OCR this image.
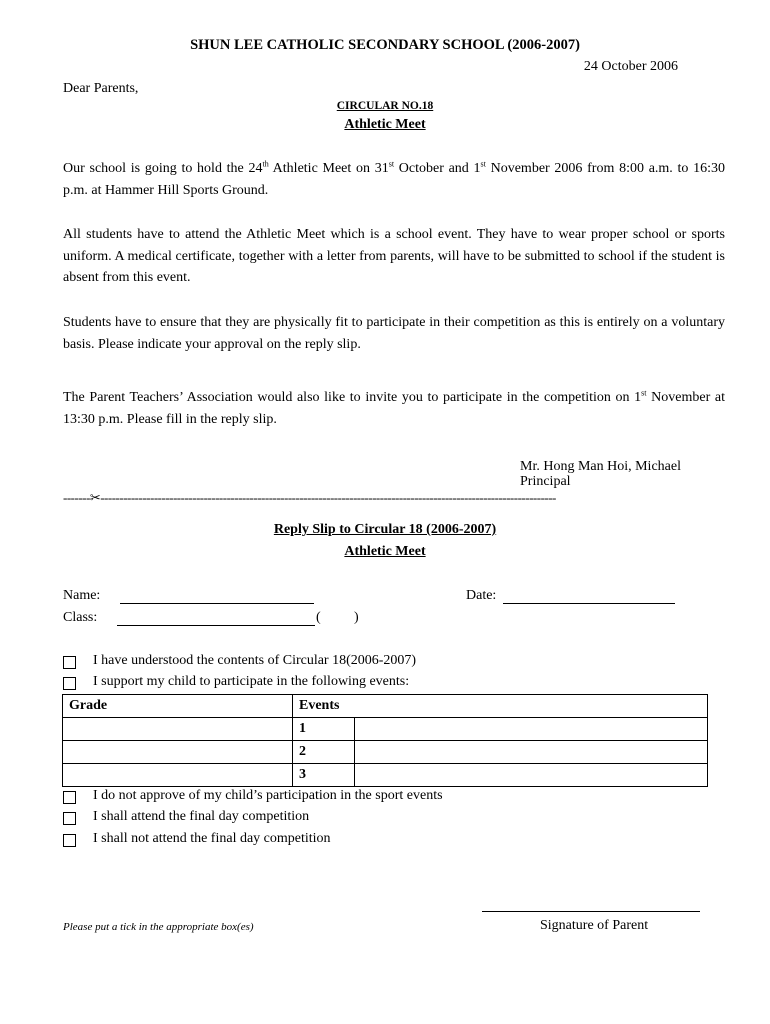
SHUN LEE CATHOLIC SECONDARY SCHOOL (2006-2007)
24 October 2006
Dear Parents,
CIRCULAR NO.18
Athletic Meet
Our school is going to hold the 24th Athletic Meet on 31st October and 1st November 2006 from 8:00 a.m. to 16:30 p.m. at Hammer Hill Sports Ground.
All students have to attend the Athletic Meet which is a school event. They have to wear proper school or sports uniform. A medical certificate, together with a letter from parents, will have to be submitted to school if the student is absent from this event.
Students have to ensure that they are physically fit to participate in their competition as this is entirely on a voluntary basis. Please indicate your approval on the reply slip.
The Parent Teachers’ Association would also like to invite you to participate in the competition on 1st November at 13:30 p.m. Please fill in the reply slip.
Mr. Hong Man Hoi, Michael
Principal
-------✂-----------------------------------------------------------------------------------------------------------------------
Reply Slip to Circular 18 (2006-2007)
Athletic Meet
Name:	Date:
Class:	( )
I have understood the contents of Circular 18(2006-2007)
I support my child to participate in the following events:
Grade	Events	
	1	
	2	
	3	
I do not approve of my child’s participation in the sport events
I shall attend the final day competition
I shall not attend the final day competition
Please put a tick in the appropriate box(es)	Signature of Parent
